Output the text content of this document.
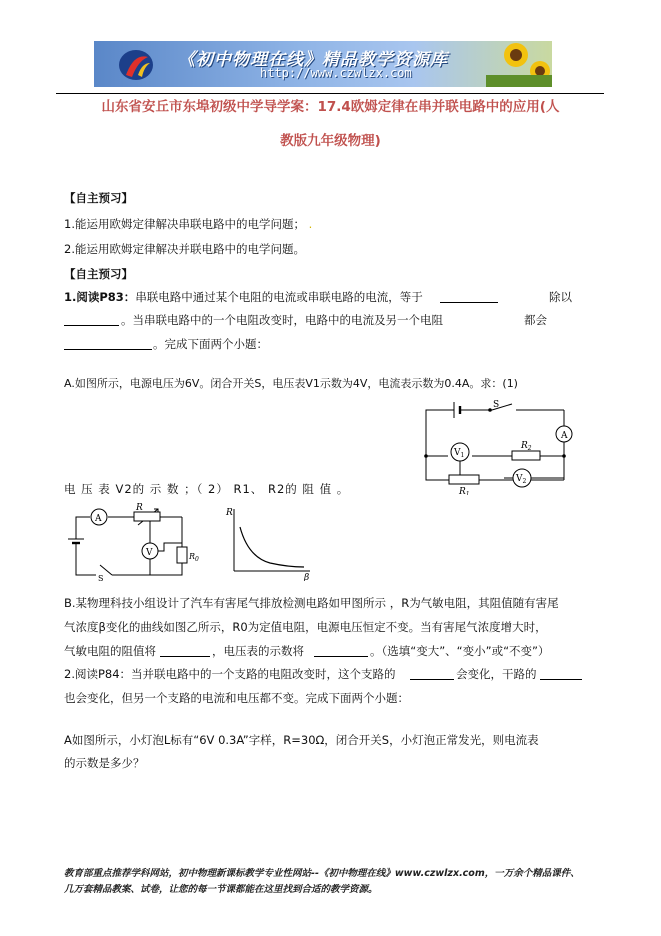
《初中物理在线》精品教学资源库
http://www.czwlzx.com
山东省安丘市东埠初级中学导学案：17.4欧姆定律在串并联电路中的应用(人
教版九年级物理)
【自主预习】
1.能运用欧姆定律解决串联电路中的电学问题； .
2.能运用欧姆定律解决并联电路中的电学问题。
【自主预习】
1.阅读P83：串联电路中通过某个电阻的电流或串联电路的电流，等于	除以
。当串联电路中的一个电阻改变时，电路中的电流及另一个电阻	都会
。完成下面两个小题：
A.如图所示，电源电压为6V。闭合开关S，电压表V1示数为4V，电流表示数为0.4A。求：(1)
A
$V_1$
$V_2$
$R_2$
$R_1$
S
电 压 表 V2的 示 数 ；（ 2） R1、 R2的 阻 值 。
A
R
V	$R_0$
S
R
β
B.某物理科技小组设计了汽车有害尾气排放检测电路如甲图所示 ，R为气敏电阻，其阻值随有害尾
气浓度β变化的曲线如图乙所示，R0为定值电阻，电源电压恒定不变。当有害尾气浓度增大时，
气敏电阻的阻值将	，电压表的示数将	。（选填“变大”、“变小”或“不变”）
2.阅读P84：当并联电路中的一个支路的电阻改变时，这个支路的	会变化，干路的
也会变化，但另一个支路的电流和电压都不变。完成下面两个小题：
A如图所示，小灯泡L标有“6V 0.3A”字样，R=30Ω，闭合开关S，小灯泡正常发光，则电流表
的示数是多少？
教育部重点推荐学科网站，初中物理新课标教学专业性网站--《初中物理在线》www.czwlzx.com，一万余个精品课件、
几万套精品教案、试卷，让您的每一节课都能在这里找到合适的教学资源。
